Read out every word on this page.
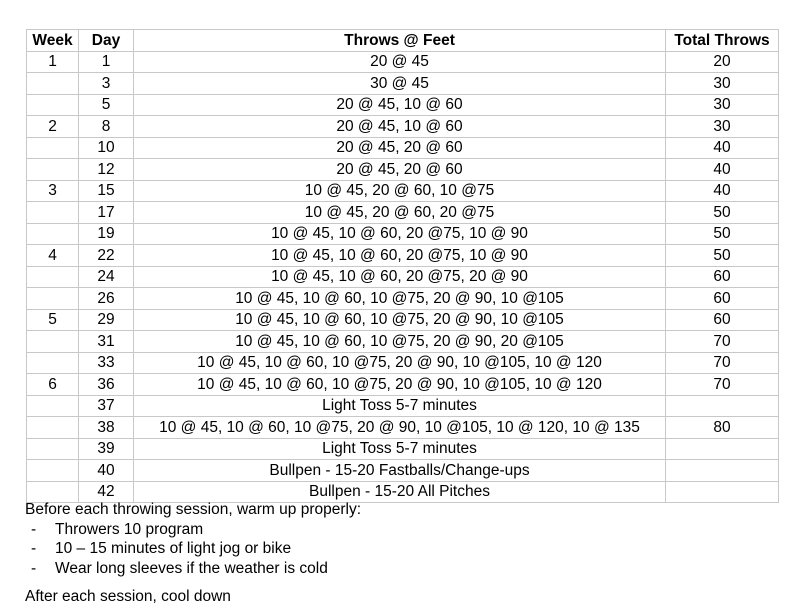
Week	Day	Throws @ Feet	Total Throws
1	1	20 @ 45	20
	3	30 @ 45	30
	5	20 @ 45, 10 @ 60	30
2	8	20 @ 45, 10 @ 60	30
	10	20 @ 45, 20 @ 60	40
	12	20 @ 45, 20 @ 60	40
3	15	10 @ 45, 20 @ 60, 10 @75	40
	17	10 @ 45, 20 @ 60, 20 @75	50
	19	10 @ 45, 10 @ 60, 20 @75, 10 @ 90	50
4	22	10 @ 45, 10 @ 60, 20 @75, 10 @ 90	50
	24	10 @ 45, 10 @ 60, 20 @75, 20 @ 90	60
	26	10 @ 45, 10 @ 60, 10 @75, 20 @ 90, 10 @105	60
5	29	10 @ 45, 10 @ 60, 10 @75, 20 @ 90, 10 @105	60
	31	10 @ 45, 10 @ 60, 10 @75, 20 @ 90, 20 @105	70
	33	10 @ 45, 10 @ 60, 10 @75, 20 @ 90, 10 @105, 10 @ 120	70
6	36	10 @ 45, 10 @ 60, 10 @75, 20 @ 90, 10 @105, 10 @ 120	70
	37	Light Toss 5-7 minutes	
	38	10 @ 45, 10 @ 60, 10 @75, 20 @ 90, 10 @105, 10 @ 120, 10 @ 135	80
	39	Light Toss 5-7 minutes	
	40	Bullpen - 15-20 Fastballs/Change-ups	
	42	Bullpen - 15-20 All Pitches	

Before each throwing session, warm up properly:

- Throwers 10 program
- 10 – 15 minutes of light jog or bike
- Wear long sleeves if the weather is cold

After each session, cool down
